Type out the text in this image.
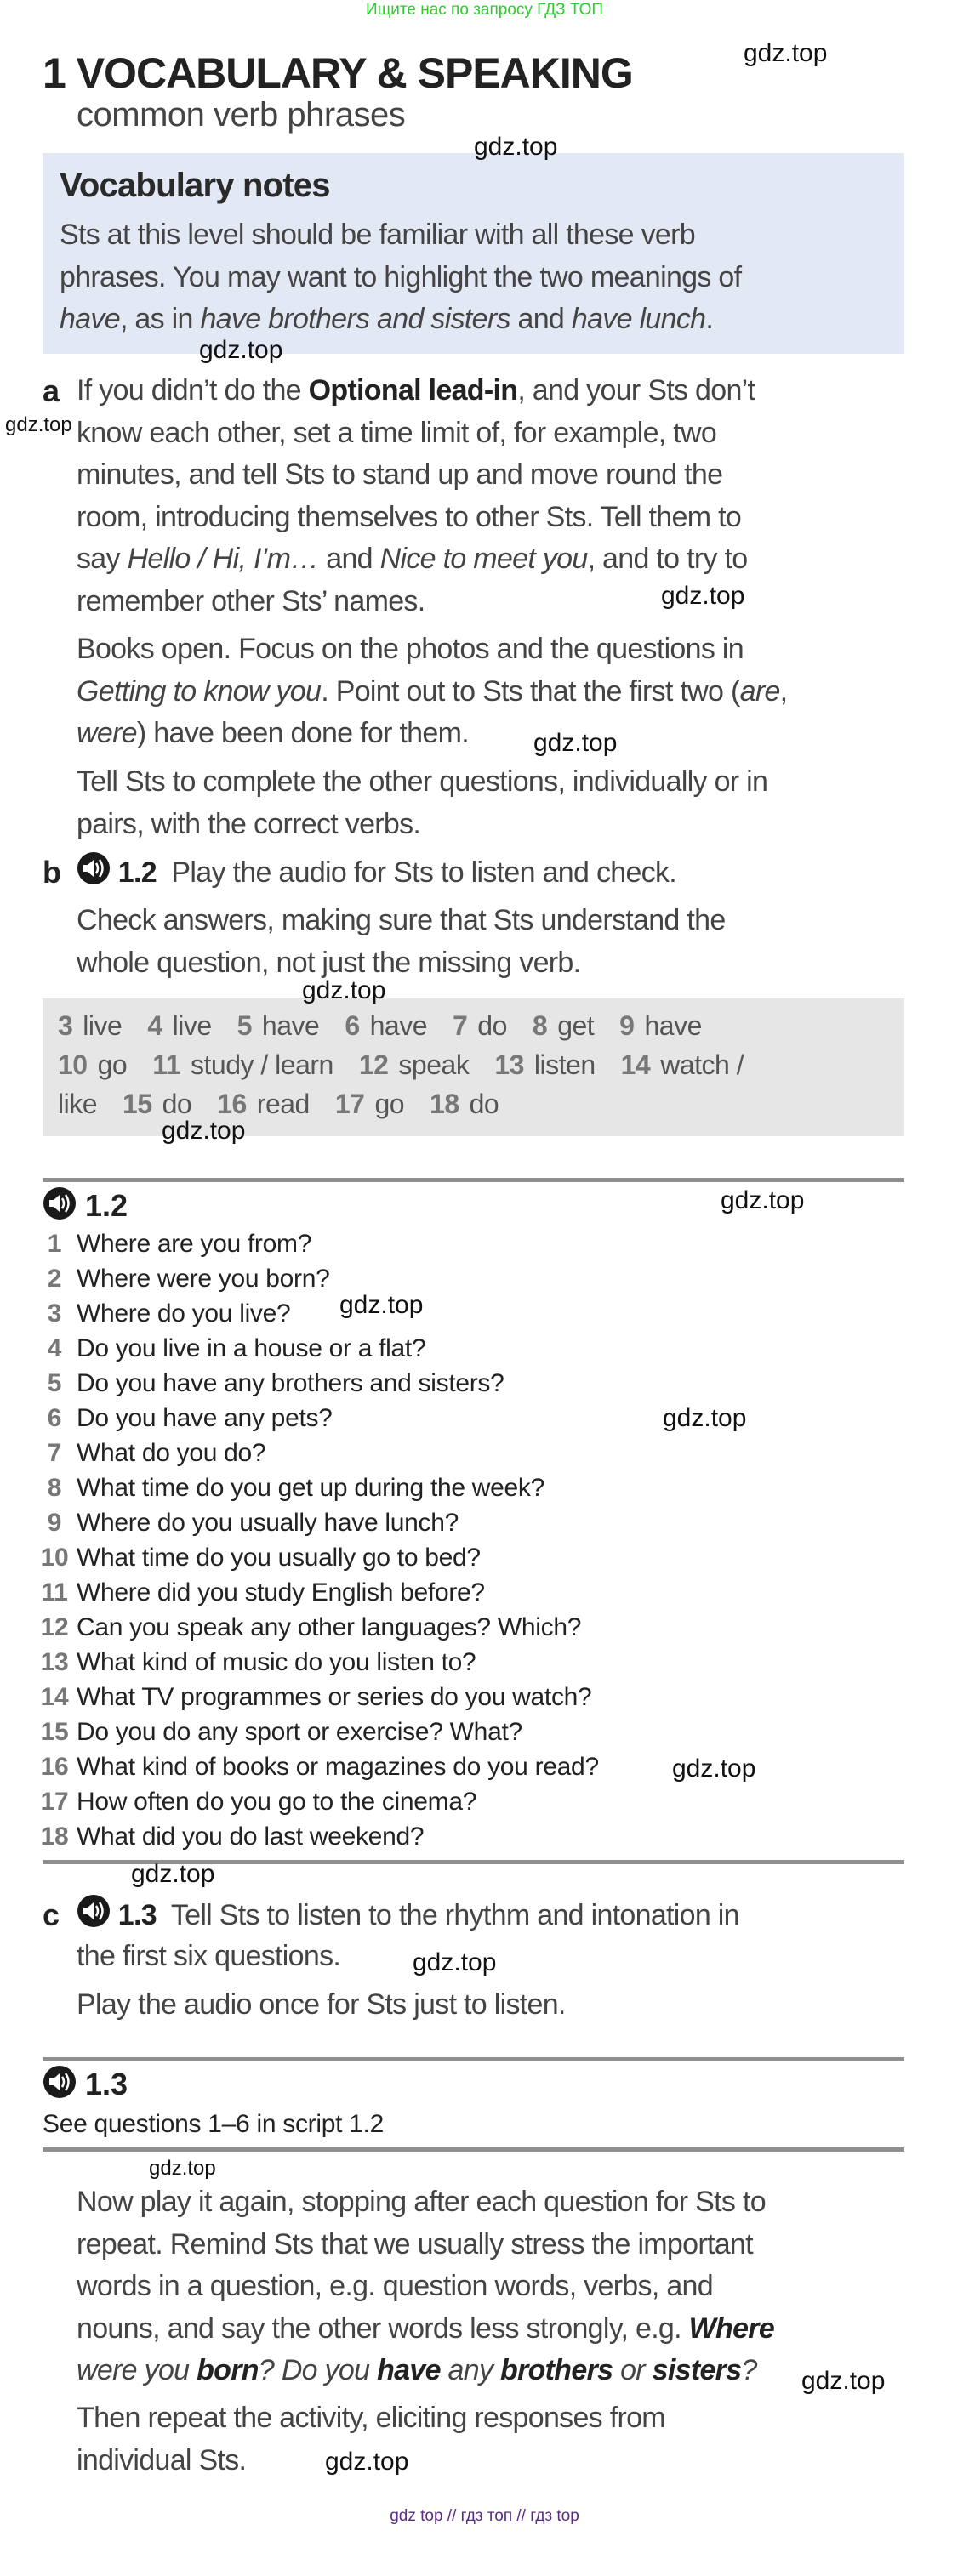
Ищите нас по запросу ГДЗ ТОП
1 VOCABULARY & SPEAKING
common verb phrases
Vocabulary notes
Sts at this level should be familiar with all these verb
phrases. You may want to highlight the two meanings of
have, as in have brothers and sisters and have lunch.
a If you didn’t do the Optional lead-in, and your Sts don’t
know each other, set a time limit of, for example, two
minutes, and tell Sts to stand up and move round the
room, introducing themselves to other Sts. Tell them to
say Hello / Hi, I’m… and Nice to meet you, and to try to
remember other Sts’ names.
Books open. Focus on the photos and the questions in
Getting to know you. Point out to Sts that the first two (are,
were) have been done for them.
Tell Sts to complete the other questions, individually or in
pairs, with the correct verbs.
b	1.2 Play the audio for Sts to listen and check.
Check answers, making sure that Sts understand the
whole question, not just the missing verb.
3 live 4 live 5 have 6 have 7 do 8 get 9 have
10 go 11 study / learn 12 speak 13 listen 14 watch /
like 15 do 16 read 17 go 18 do
1.2
1 Where are you from?
2 Where were you born?
3 Where do you live?
4 Do you live in a house or a flat?
5 Do you have any brothers and sisters?
6 Do you have any pets?
7 What do you do?
8 What time do you get up during the week?
9 Where do you usually have lunch?
10 What time do you usually go to bed?
11 Where did you study English before?
12 Can you speak any other languages? Which?
13 What kind of music do you listen to?
14 What TV programmes or series do you watch?
15 Do you do any sport or exercise? What?
16 What kind of books or magazines do you read?
17 How often do you go to the cinema?
18 What did you do last weekend?
c	1.3 Tell Sts to listen to the rhythm and intonation in
the first six questions.
Play the audio once for Sts just to listen.
1.3
See questions 1–6 in script 1.2
Now play it again, stopping after each question for Sts to
repeat. Remind Sts that we usually stress the important
words in a question, e.g. question words, verbs, and
nouns, and say the other words less strongly, e.g. Where
were you born? Do you have any brothers or sisters?
Then repeat the activity, eliciting responses from
individual Sts.
gdz.top
gdz.top
gdz.top
gdz.top
gdz.top
gdz.top
gdz.top
gdz.top
gdz.top
gdz.top
gdz.top
gdz.top
gdz.top
gdz.top
gdz.top
gdz.top
gdz.top
gdz top // гдз топ // гдз top
